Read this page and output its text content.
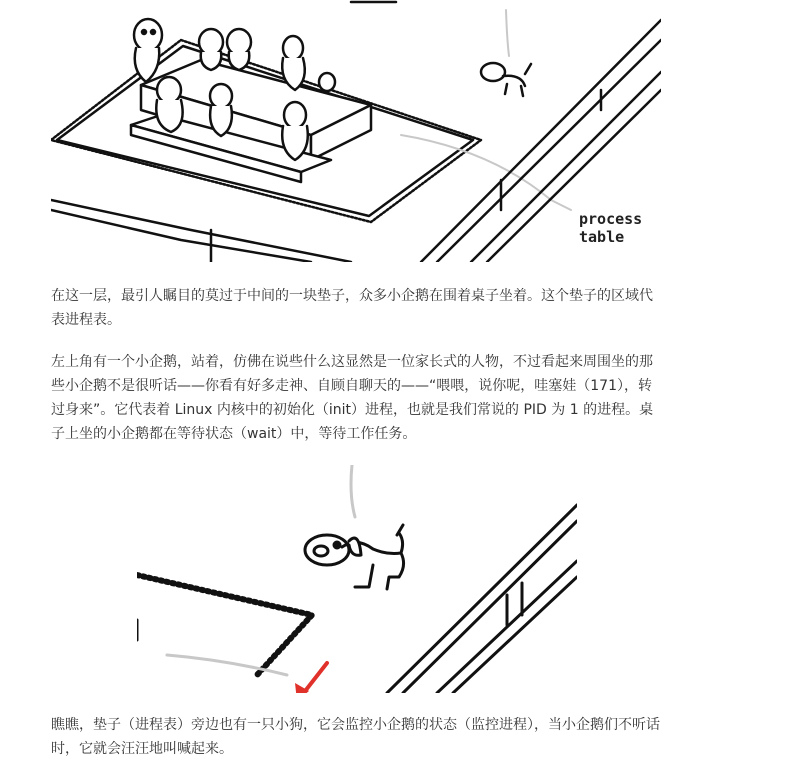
process
table

在这一层，最引人瞩目的莫过于中间的一块垫子，众多小企鹅在围着桌子坐着。这个垫子的区域代表进程表。

左上角有一个小企鹅，站着，仿佛在说些什么这显然是一位家长式的人物，不过看起来周围坐的那些小企鹅不是很听话——你看有好多走神、自顾自聊天的——“喂喂，说你呢，哇塞娃（171），转过身来”。它代表着 Linux 内核中的初始化（init）进程，也就是我们常说的 PID 为 1 的进程。桌子上坐的小企鹅都在等待状态（wait）中，等待工作任务。

瞧瞧，垫子（进程表）旁边也有一只小狗，它会监控小企鹅的状态（监控进程），当小企鹅们不听话时，它就会汪汪地叫喊起来。
